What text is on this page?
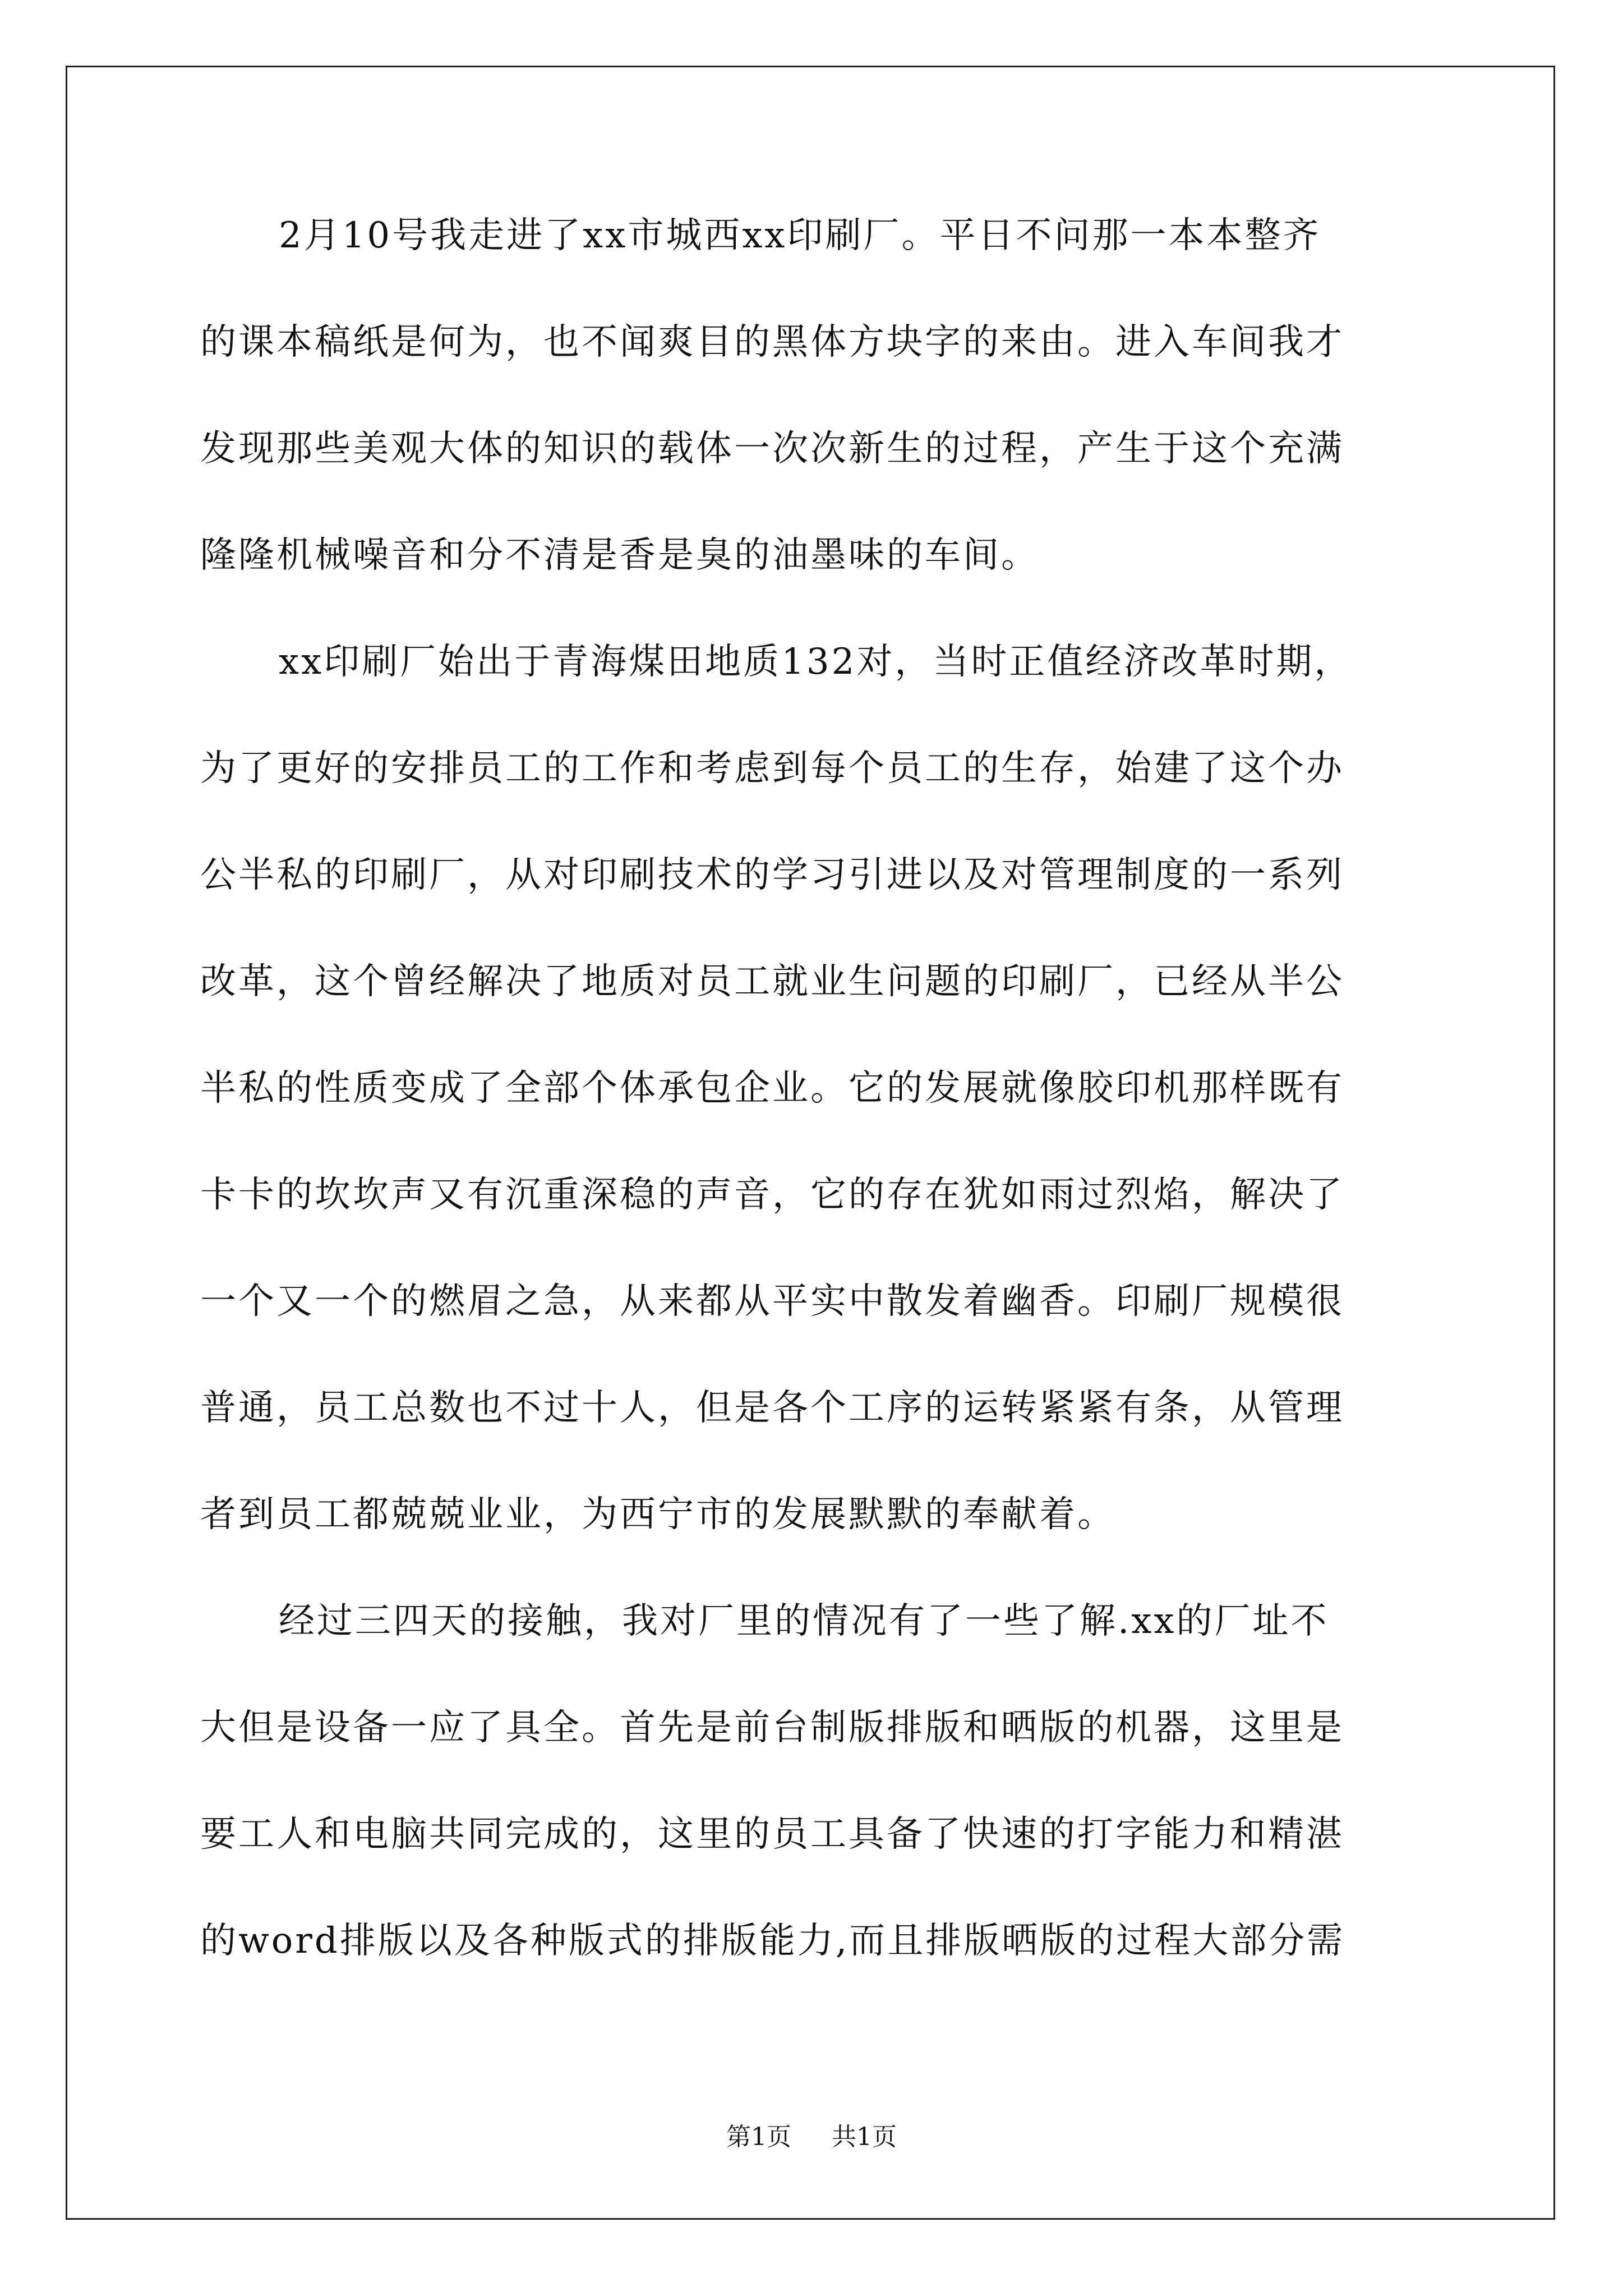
2月10号我走进了xx市城西xx印刷厂。平日不问那一本本整齐
的课本稿纸是何为，也不闻爽目的黑体方块字的来由。进入车间我才
发现那些美观大体的知识的载体一次次新生的过程，产生于这个充满
隆隆机械噪音和分不清是香是臭的油墨味的车间。
xx印刷厂始出于青海煤田地质132对，当时正值经济改革时期，
为了更好的安排员工的工作和考虑到每个员工的生存，始建了这个办
公半私的印刷厂，从对印刷技术的学习引进以及对管理制度的一系列
改革，这个曾经解决了地质对员工就业生问题的印刷厂，已经从半公
半私的性质变成了全部个体承包企业。它的发展就像胶印机那样既有
卡卡的坎坎声又有沉重深稳的声音，它的存在犹如雨过烈焰，解决了
一个又一个的燃眉之急，从来都从平实中散发着幽香。印刷厂规模很
普通，员工总数也不过十人，但是各个工序的运转紧紧有条，从管理
者到员工都兢兢业业，为西宁市的发展默默的奉献着。
经过三四天的接触，我对厂里的情况有了一些了解.xx的厂址不
大但是设备一应了具全。首先是前台制版排版和晒版的机器，这里是
要工人和电脑共同完成的，这里的员工具备了快速的打字能力和精湛
的word排版以及各种版式的排版能力,而且排版晒版的过程大部分需
第1页 共1页
